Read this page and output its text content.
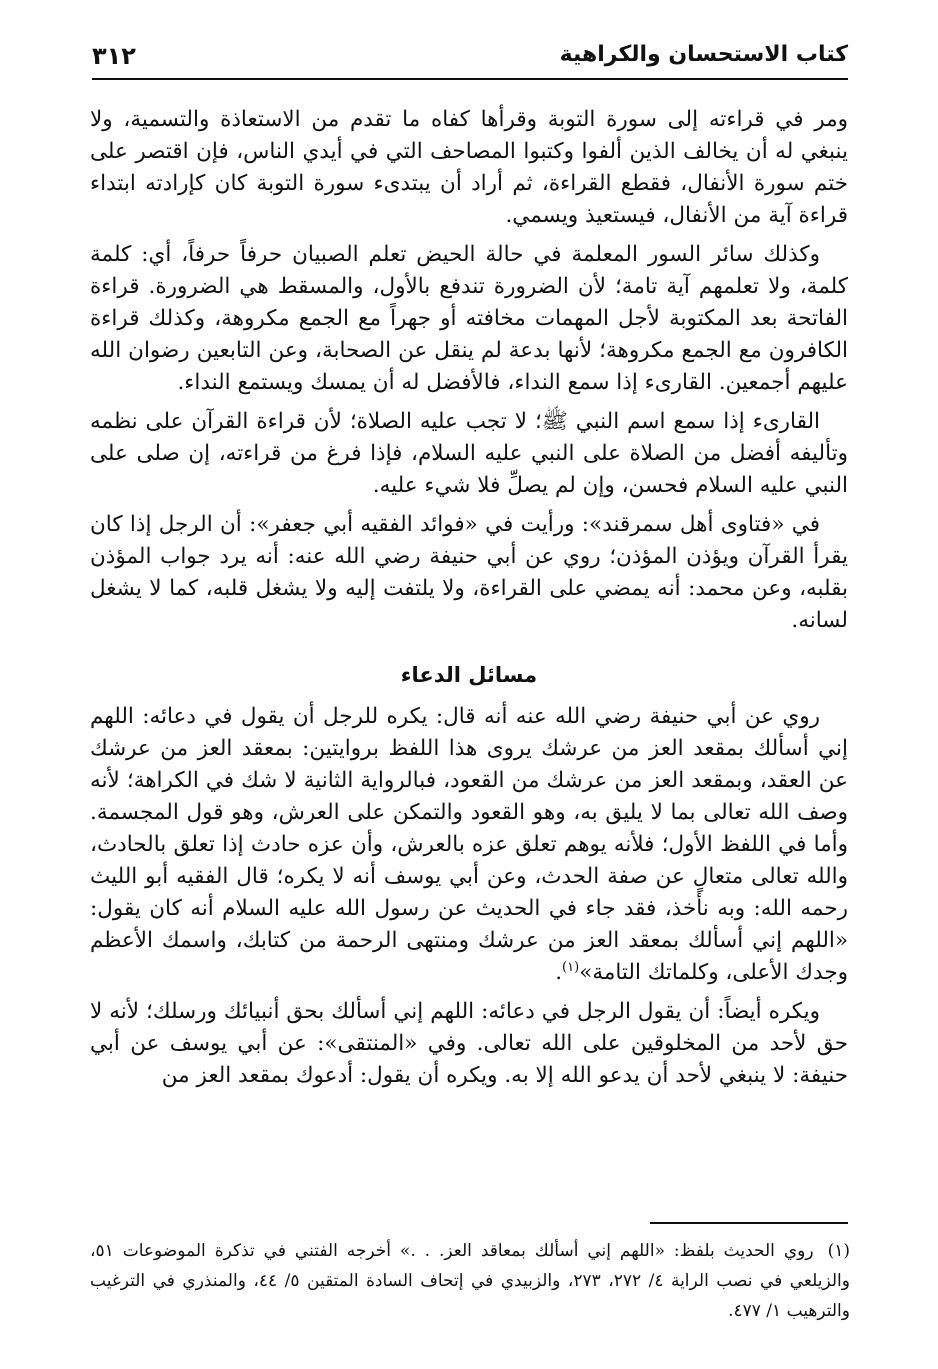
كتاب الاستحسان والكراهية
٣١٢

ومر في قراءته إلى سورة التوبة وقرأها كفاه ما تقدم من الاستعاذة والتسمية، ولا ينبغي له أن يخالف الذين ألفوا وكتبوا المصاحف التي في أيدي الناس، فإن اقتصر على ختم سورة الأنفال، فقطع القراءة، ثم أراد أن يبتدىء سورة التوبة كان كإرادته ابتداء قراءة آية من الأنفال، فيستعيذ ويسمي.

وكذلك سائر السور المعلمة في حالة الحيض تعلم الصبيان حرفاً حرفاً، أي: كلمة كلمة، ولا تعلمهم آية تامة؛ لأن الضرورة تندفع بالأول، والمسقط هي الضرورة. قراءة الفاتحة بعد المكتوبة لأجل المهمات مخافته أو جهراً مع الجمع مكروهة، وكذلك قراءة الكافرون مع الجمع مكروهة؛ لأنها بدعة لم ينقل عن الصحابة، وعن التابعين رضوان الله عليهم أجمعين. القارىء إذا سمع النداء، فالأفضل له أن يمسك ويستمع النداء.

القارىء إذا سمع اسم النبي ﷺ؛ لا تجب عليه الصلاة؛ لأن قراءة القرآن على نظمه وتأليفه أفضل من الصلاة على النبي عليه السلام، فإذا فرغ من قراءته، إن صلى على النبي عليه السلام فحسن، وإن لم يصلِّ فلا شيء عليه.

في «فتاوى أهل سمرقند»: ورأيت في «فوائد الفقيه أبي جعفر»: أن الرجل إذا كان يقرأ القرآن ويؤذن المؤذن؛ روي عن أبي حنيفة رضي الله عنه: أنه يرد جواب المؤذن بقلبه، وعن محمد: أنه يمضي على القراءة، ولا يلتفت إليه ولا يشغل قلبه، كما لا يشغل لسانه.

مسائل الدعاء

روي عن أبي حنيفة رضي الله عنه أنه قال: يكره للرجل أن يقول في دعائه: اللهم إني أسألك بمقعد العز من عرشك يروى هذا اللفظ بروايتين: بمعقد العز من عرشك عن العقد، وبمقعد العز من عرشك من القعود، فبالرواية الثانية لا شك في الكراهة؛ لأنه وصف الله تعالى بما لا يليق به، وهو القعود والتمكن على العرش، وهو قول المجسمة. وأما في اللفظ الأول؛ فلأنه يوهم تعلق عزه بالعرش، وأن عزه حادث إذا تعلق بالحادث، والله تعالى متعالٍ عن صفة الحدث، وعن أبي يوسف أنه لا يكره؛ قال الفقيه أبو الليث رحمه الله: وبه نأخذ، فقد جاء في الحديث عن رسول الله عليه السلام أنه كان يقول: «اللهم إني أسألك بمعقد العز من عرشك ومنتهى الرحمة من كتابك، واسمك الأعظم وجدك الأعلى، وكلماتك التامة»$^{(١)}$.

ويكره أيضاً: أن يقول الرجل في دعائه: اللهم إني أسألك بحق أنبيائك ورسلك؛ لأنه لا حق لأحد من المخلوقين على الله تعالى. وفي «المنتقى»: عن أبي يوسف عن أبي حنيفة: لا ينبغي لأحد أن يدعو الله إلا به. ويكره أن يقول: أدعوك بمقعد العز من

(١)روي الحديث بلفظ: «اللهم إني أسألك بمعاقد العز. . .» أخرجه الفتني في تذكرة الموضوعات ٥١، والزيلعي في نصب الراية ٤/ ٢٧٢، ٢٧٣، والزبيدي في إتحاف السادة المتقين ٥/ ٤٤، والمنذري في الترغيب والترهيب ١/ ٤٧٧.
